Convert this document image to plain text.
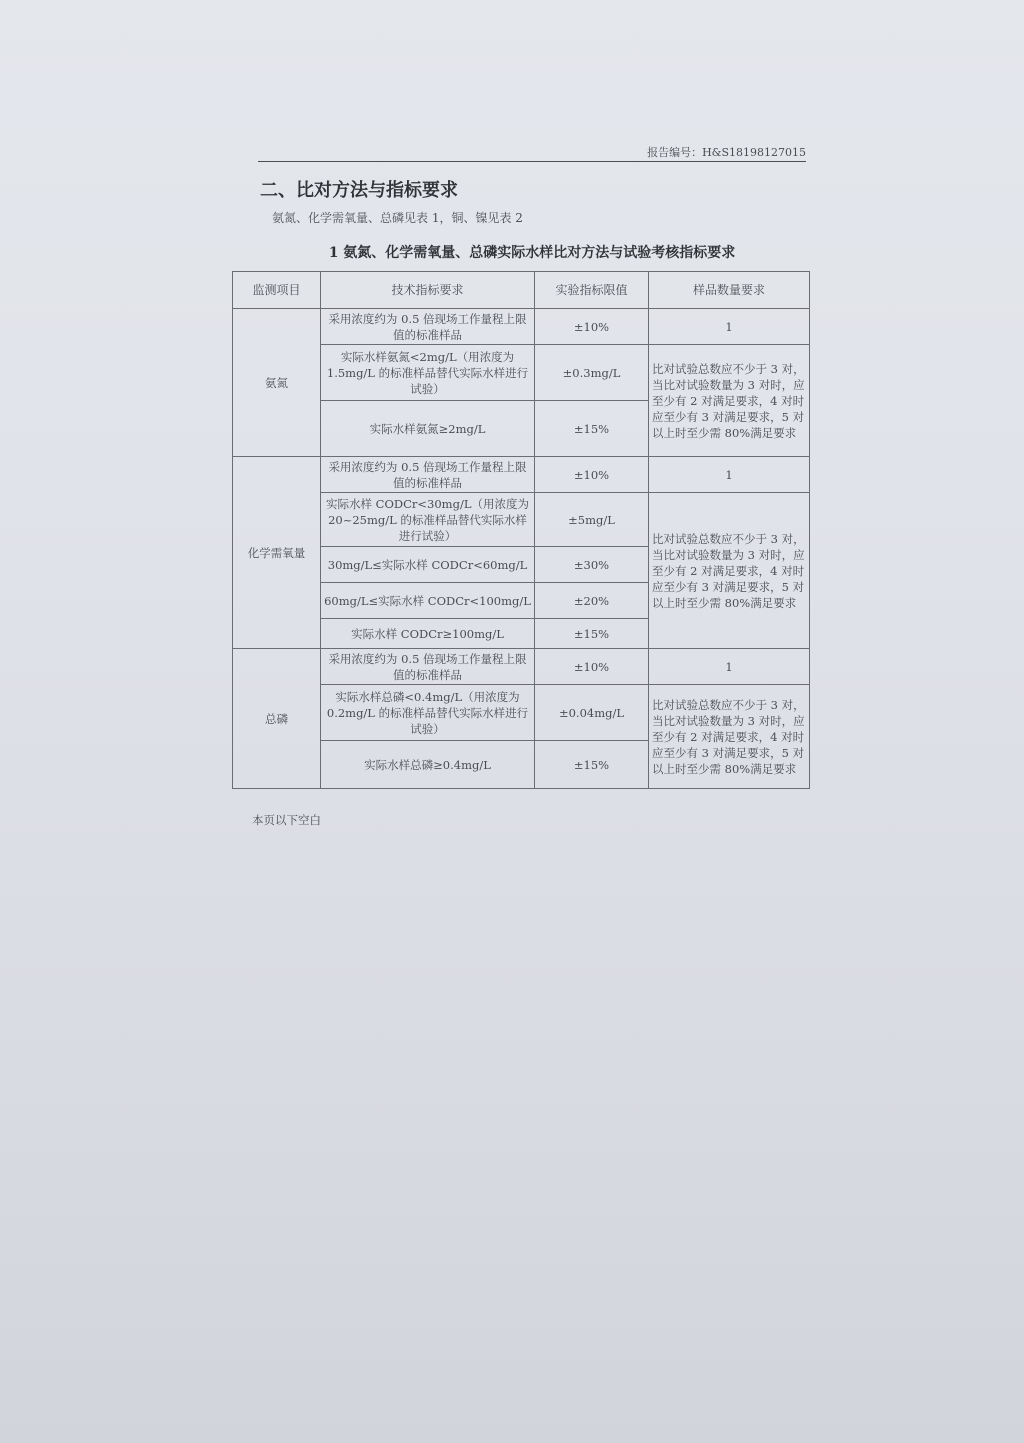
报告编号：H&S18198127015
二、比对方法与指标要求
氨氮、化学需氧量、总磷见表 1，铜、镍见表 2
1 氨氮、化学需氧量、总磷实际水样比对方法与试验考核指标要求
监测项目	技术指标要求	实验指标限值	样品数量要求
氨氮	采用浓度约为 0.5 倍现场工作量程上限值的标准样品	±10%	1
	实际水样氨氮<2mg/L（用浓度为 1.5mg/L 的标准样品替代实际水样进行试验）	±0.3mg/L	比对试验总数应不少于 3 对，当比对试验数量为 3 对时，应至少有 2 对满足要求，4 对时应至少有 3 对满足要求，5 对以上时至少需 80%满足要求
	实际水样氨氮≥2mg/L	±15%	
化学需氧量	采用浓度约为 0.5 倍现场工作量程上限值的标准样品	±10%	1
	实际水样 CODCr<30mg/L（用浓度为 20~25mg/L 的标准样品替代实际水样进行试验）	±5mg/L	比对试验总数应不少于 3 对，当比对试验数量为 3 对时，应至少有 2 对满足要求，4 对时应至少有 3 对满足要求，5 对以上时至少需 80%满足要求
	30mg/L≤实际水样 CODCr<60mg/L	±30%	
	60mg/L≤实际水样 CODCr<100mg/L	±20%	
	实际水样 CODCr≥100mg/L	±15%	
总磷	采用浓度约为 0.5 倍现场工作量程上限值的标准样品	±10%	1
	实际水样总磷<0.4mg/L（用浓度为 0.2mg/L 的标准样品替代实际水样进行试验）	±0.04mg/L	比对试验总数应不少于 3 对，当比对试验数量为 3 对时，应至少有 2 对满足要求，4 对时应至少有 3 对满足要求，5 对以上时至少需 80%满足要求
	实际水样总磷≥0.4mg/L	±15%	
本页以下空白
